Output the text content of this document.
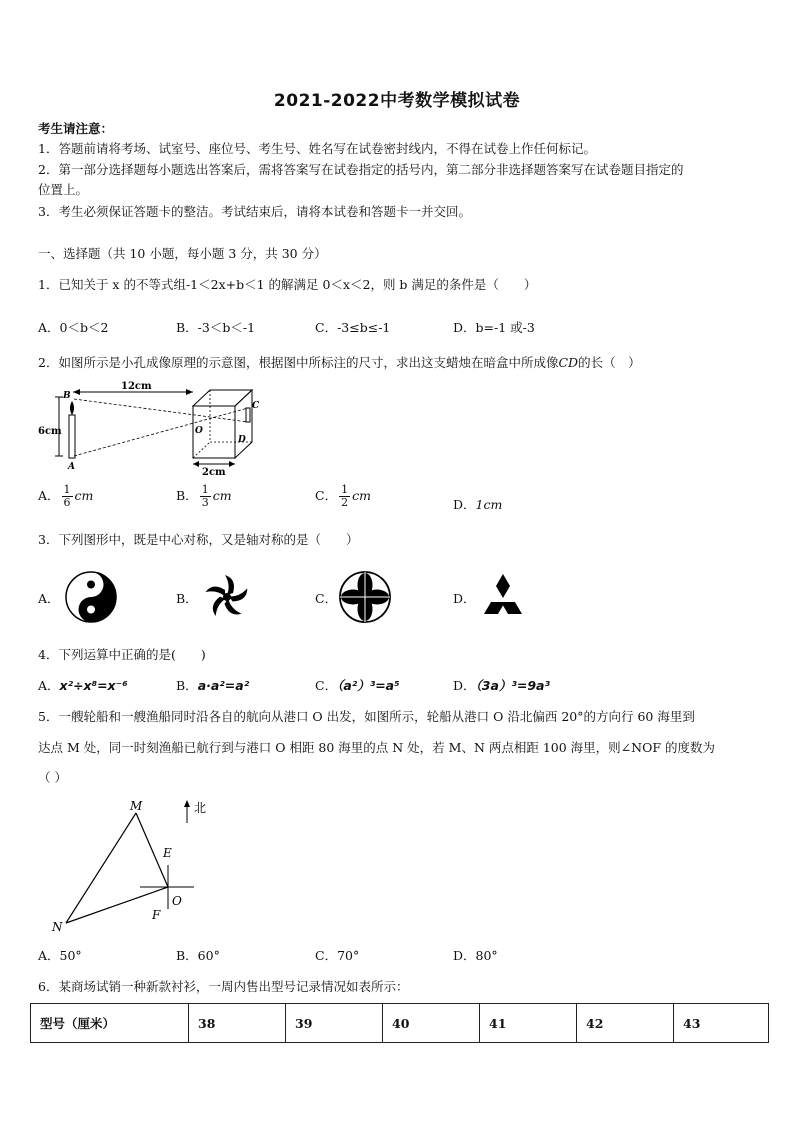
2021-2022中考数学模拟试卷
考生请注意：
1．答题前请将考场、试室号、座位号、考生号、姓名写在试卷密封线内，不得在试卷上作任何标记。
2．第一部分选择题每小题选出答案后，需将答案写在试卷指定的括号内，第二部分非选择题答案写在试卷题目指定的
位置上。
3．考生必须保证答题卡的整洁。考试结束后，请将本试卷和答题卡一并交回。
一、选择题（共 10 小题，每小题 3 分，共 30 分）
1．已知关于 x 的不等式组-1＜2x+b＜1 的解满足 0＜x＜2，则 b 满足的条件是（　　）
A．0＜b＜2	B．-3＜b＜-1	C．-3≤b≤-1	D．b=-1 或-3
2．如图所示是小孔成像原理的示意图，根据图中所标注的尺寸，求出这支蜡烛在暗盒中所成像CD的长（　）
6cm
B
A
12cm
C
D
O
2cm
A． $\frac{1}{6}$ cm	B． $\frac{1}{3}$ cm	C． $\frac{1}{2}$ cm
D．1cm
3．下列图形中，既是中心对称，又是轴对称的是（　　）
A．	B．	C．	D．
4．下列运算中正确的是(　　)
A．x²÷x⁸=x⁻⁶	B．a·a²=a²	C．（a²）³=a⁵	D．（3a）³=9a³
5．一艘轮船和一艘渔船同时沿各自的航向从港口 O 出发，如图所示，轮船从港口 O 沿北偏西 20°的方向行 60 海里到
达点 M 处，同一时刻渔船已航行到与港口 O 相距 80 海里的点 N 处，若 M、N 两点相距 100 海里，则∠NOF 的度数为
（ ）
北
M
N
O
E
F
A．50°	B．60°	C．70°	D．80°
6．某商场试销一种新款衬衫，一周内售出型号记录情况如表所示：
型号（厘米）	38	39	40	41	42	43
